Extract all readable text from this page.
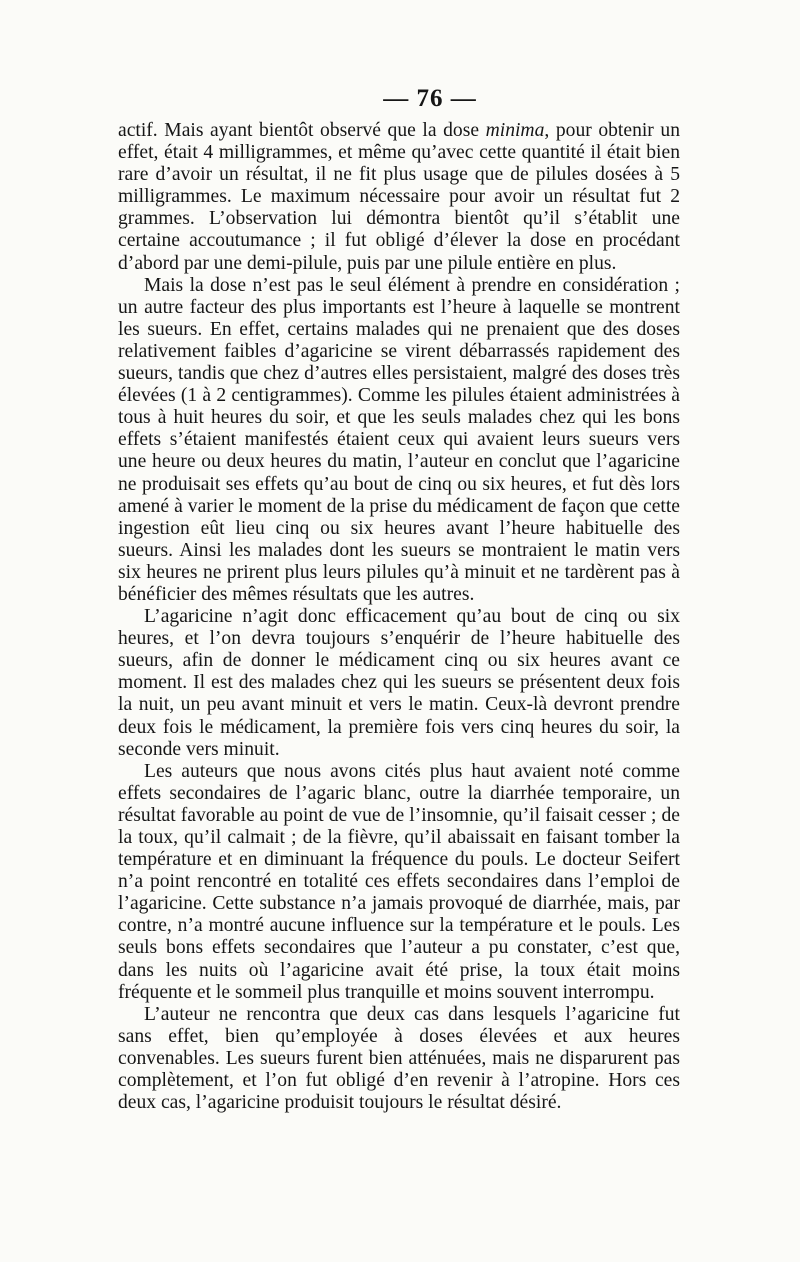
— 76 —

actif. Mais ayant bientôt observé que la dose minima, pour obtenir un effet, était 4 milligrammes, et même qu’avec cette quantité il était bien rare d’avoir un résultat, il ne fit plus usage que de pilules dosées à 5 milligrammes. Le maximum nécessaire pour avoir un résultat fut 2 grammes. L’observation lui démontra bientôt qu’il s’établit une certaine accoutumance ; il fut obligé d’élever la dose en procédant d’abord par une demi-pilule, puis par une pilule entière en plus.

Mais la dose n’est pas le seul élément à prendre en considération ; un autre facteur des plus importants est l’heure à laquelle se montrent les sueurs. En effet, certains malades qui ne prenaient que des doses relativement faibles d’agaricine se virent débarrassés rapidement des sueurs, tandis que chez d’autres elles persistaient, malgré des doses très élevées (1 à 2 centigrammes). Comme les pilules étaient administrées à tous à huit heures du soir, et que les seuls malades chez qui les bons effets s’étaient manifestés étaient ceux qui avaient leurs sueurs vers une heure ou deux heures du matin, l’auteur en conclut que l’agaricine ne produisait ses effets qu’au bout de cinq ou six heures, et fut dès lors amené à varier le moment de la prise du médicament de façon que cette ingestion eût lieu cinq ou six heures avant l’heure habituelle des sueurs. Ainsi les malades dont les sueurs se montraient le matin vers six heures ne prirent plus leurs pilules qu’à minuit et ne tardèrent pas à bénéficier des mêmes résultats que les autres.

L’agaricine n’agit donc efficacement qu’au bout de cinq ou six heures, et l’on devra toujours s’enquérir de l’heure habituelle des sueurs, afin de donner le médicament cinq ou six heures avant ce moment. Il est des malades chez qui les sueurs se présentent deux fois la nuit, un peu avant minuit et vers le matin. Ceux-là devront prendre deux fois le médicament, la première fois vers cinq heures du soir, la seconde vers minuit.

Les auteurs que nous avons cités plus haut avaient noté comme effets secondaires de l’agaric blanc, outre la diarrhée temporaire, un résultat favorable au point de vue de l’insomnie, qu’il faisait cesser ; de la toux, qu’il calmait ; de la fièvre, qu’il abaissait en faisant tomber la température et en diminuant la fréquence du pouls. Le docteur Seifert n’a point rencontré en totalité ces effets secondaires dans l’emploi de l’agaricine. Cette substance n’a jamais provoqué de diarrhée, mais, par contre, n’a montré aucune influence sur la température et le pouls. Les seuls bons effets secondaires que l’auteur a pu constater, c’est que, dans les nuits où l’agaricine avait été prise, la toux était moins fréquente et le sommeil plus tranquille et moins souvent interrompu.

L’auteur ne rencontra que deux cas dans lesquels l’agaricine fut sans effet, bien qu’employée à doses élevées et aux heures convenables. Les sueurs furent bien atténuées, mais ne disparurent pas complètement, et l’on fut obligé d’en revenir à l’atropine. Hors ces deux cas, l’agaricine produisit toujours le résultat désiré.
